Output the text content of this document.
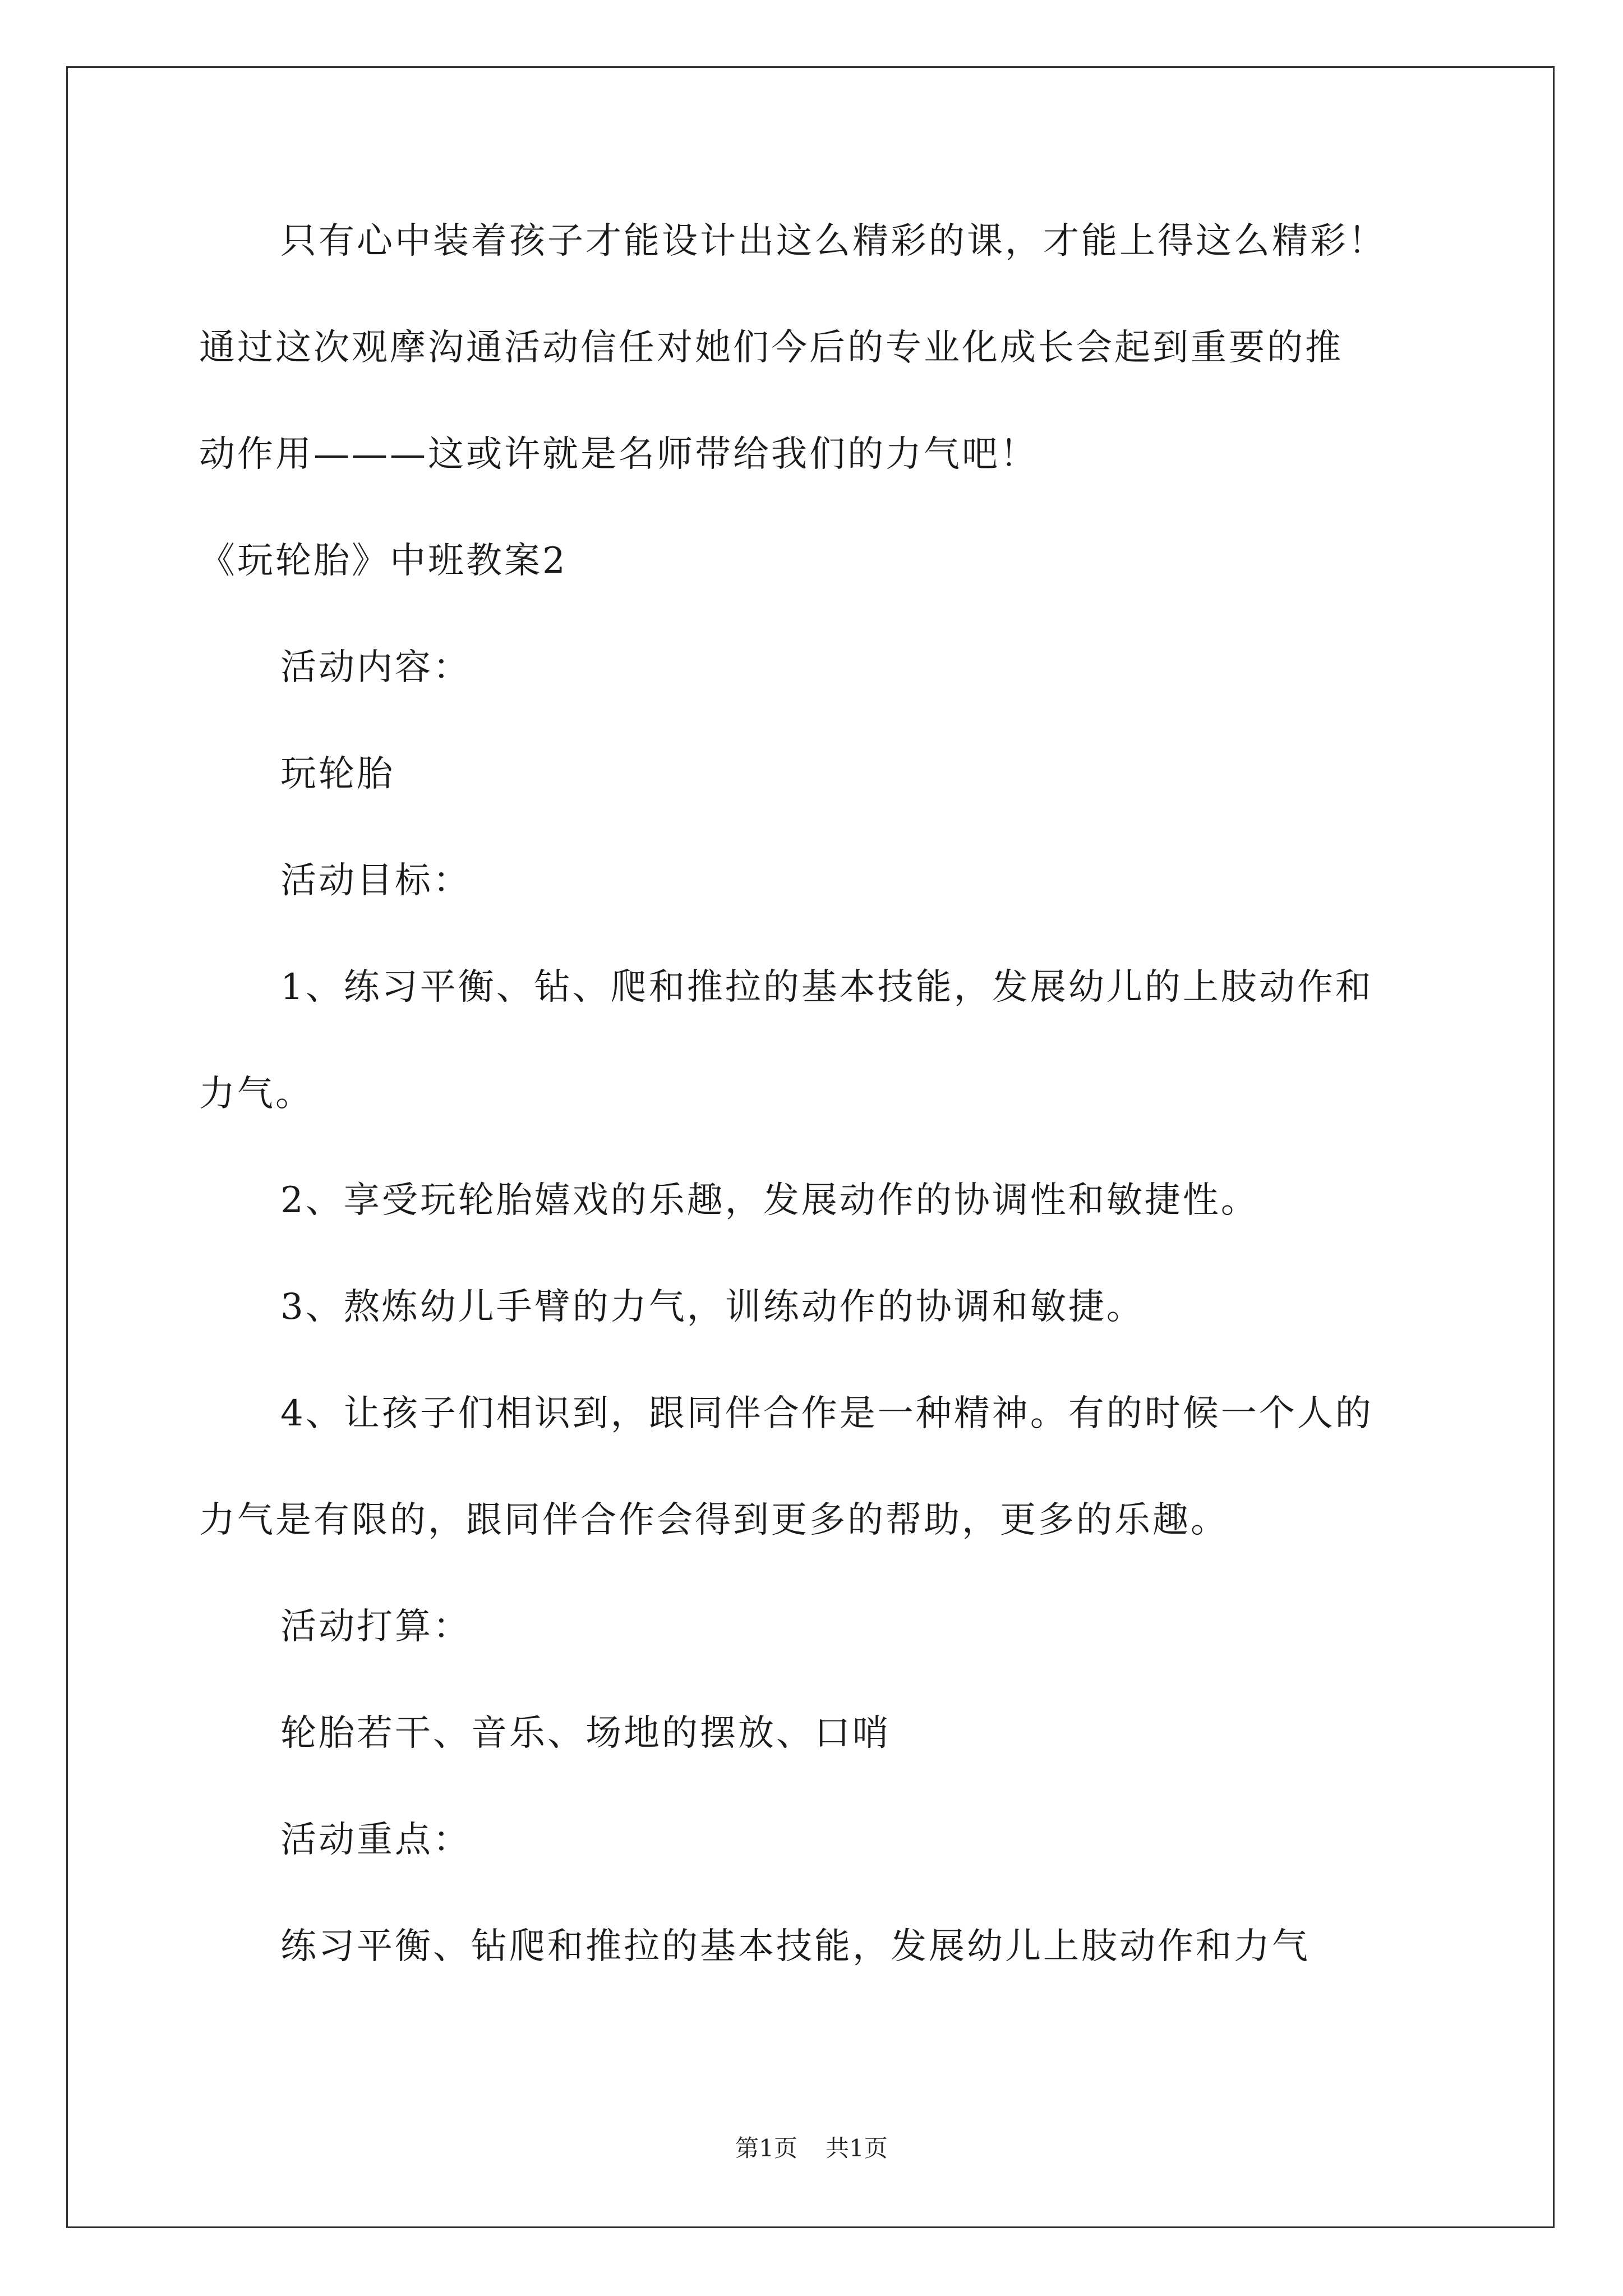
只有心中装着孩子才能设计出这么精彩的课，才能上得这么精彩！
通过这次观摩沟通活动信任对她们今后的专业化成长会起到重要的推
动作用———这或许就是名师带给我们的力气吧！
《玩轮胎》中班教案2
活动内容：
玩轮胎
活动目标：
1、练习平衡、钻、爬和推拉的基本技能，发展幼儿的上肢动作和
力气。
2、享受玩轮胎嬉戏的乐趣，发展动作的协调性和敏捷性。
3、熬炼幼儿手臂的力气，训练动作的协调和敏捷。
4、让孩子们相识到，跟同伴合作是一种精神。有的时候一个人的
力气是有限的，跟同伴合作会得到更多的帮助，更多的乐趣。
活动打算：
轮胎若干、音乐、场地的摆放、口哨
活动重点：
练习平衡、钻爬和推拉的基本技能，发展幼儿上肢动作和力气
第1页 共1页
